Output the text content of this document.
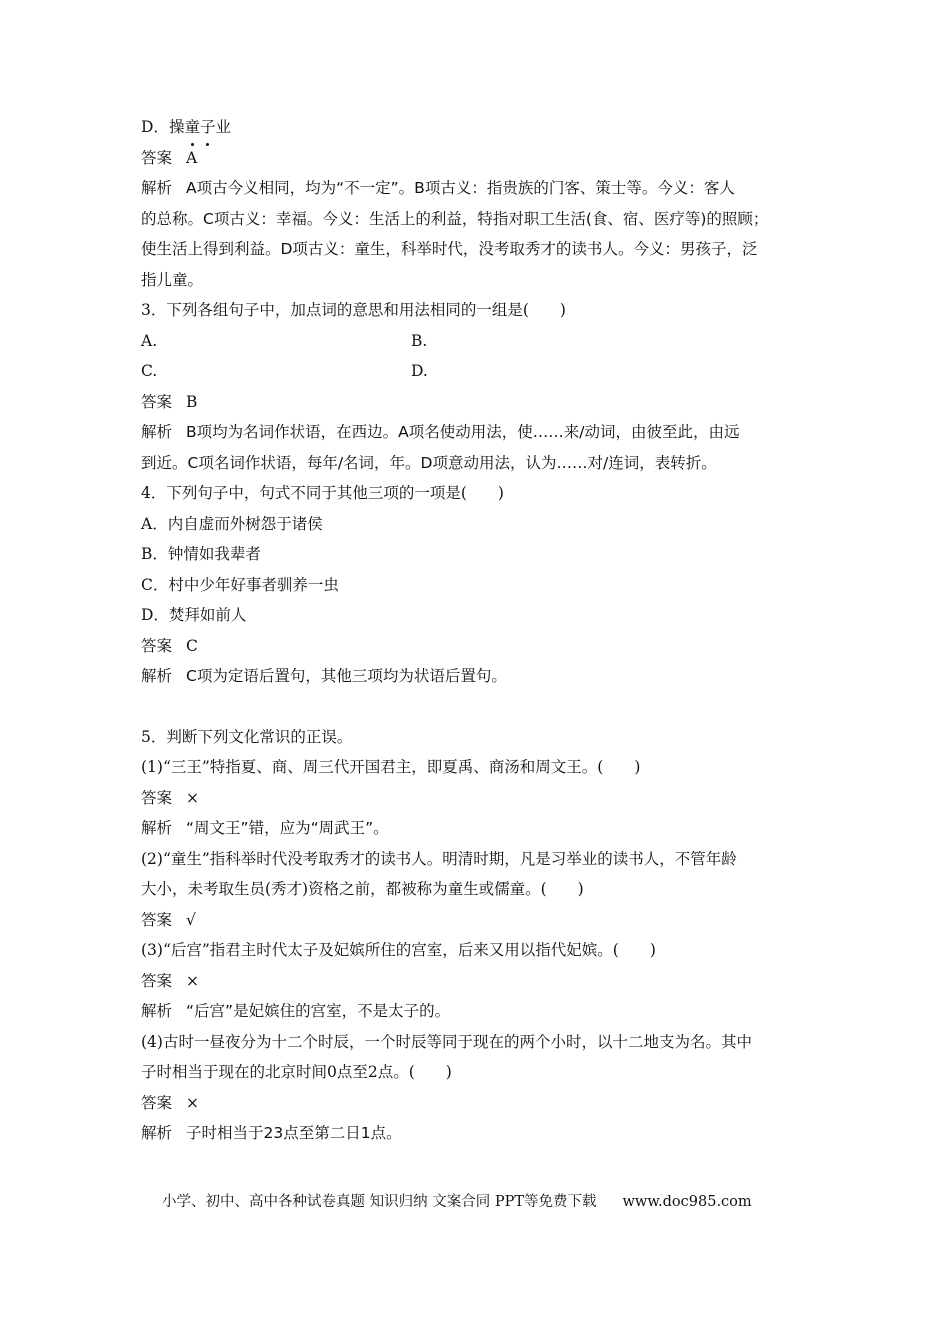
D．操童子业
答案 A
解析 A项古今义相同，均为“不一定”。B项古义：指贵族的门客、策士等。今义：客人
的总称。C项古义：幸福。今义：生活上的利益，特指对职工生活(食、宿、医疗等)的照顾；
使生活上得到利益。D项古义：童生，科举时代，没考取秀才的读书人。今义：男孩子，泛
指儿童。
3．下列各组句子中，加点词的意思和用法相同的一组是(　　)
A.	B.
C.	D.
答案 B
解析 B项均为名词作状语，在西边。A项名使动用法，使……来/动词，由彼至此，由远
到近。C项名词作状语，每年/名词，年。D项意动用法，认为……对/连词，表转折。
4．下列句子中，句式不同于其他三项的一项是(　　)
A．内自虚而外树怨于诸侯
B．钟情如我辈者
C．村中少年好事者驯养一虫
D．焚拜如前人
答案 C
解析 C项为定语后置句，其他三项均为状语后置句。
5．判断下列文化常识的正误。
(1)“三王”特指夏、商、周三代开国君主，即夏禹、商汤和周文王。(　　)
答案 ×
解析 “周文王”错，应为“周武王”。
(2)“童生”指科举时代没考取秀才的读书人。明清时期，凡是习举业的读书人，不管年龄
大小，未考取生员(秀才)资格之前，都被称为童生或儒童。(　　)
答案 √
(3)“后宫”指君主时代太子及妃嫔所住的宫室，后来又用以指代妃嫔。(　　)
答案 ×
解析 “后宫”是妃嫔住的宫室，不是太子的。
(4)古时一昼夜分为十二个时辰，一个时辰等同于现在的两个小时，以十二地支为名。其中
子时相当于现在的北京时间0点至2点。(　　)
答案 ×
解析 子时相当于23点至第二日1点。
小学、初中、高中各种试卷真题 知识归纳 文案合同 PPT等免费下载 www.doc985.com
